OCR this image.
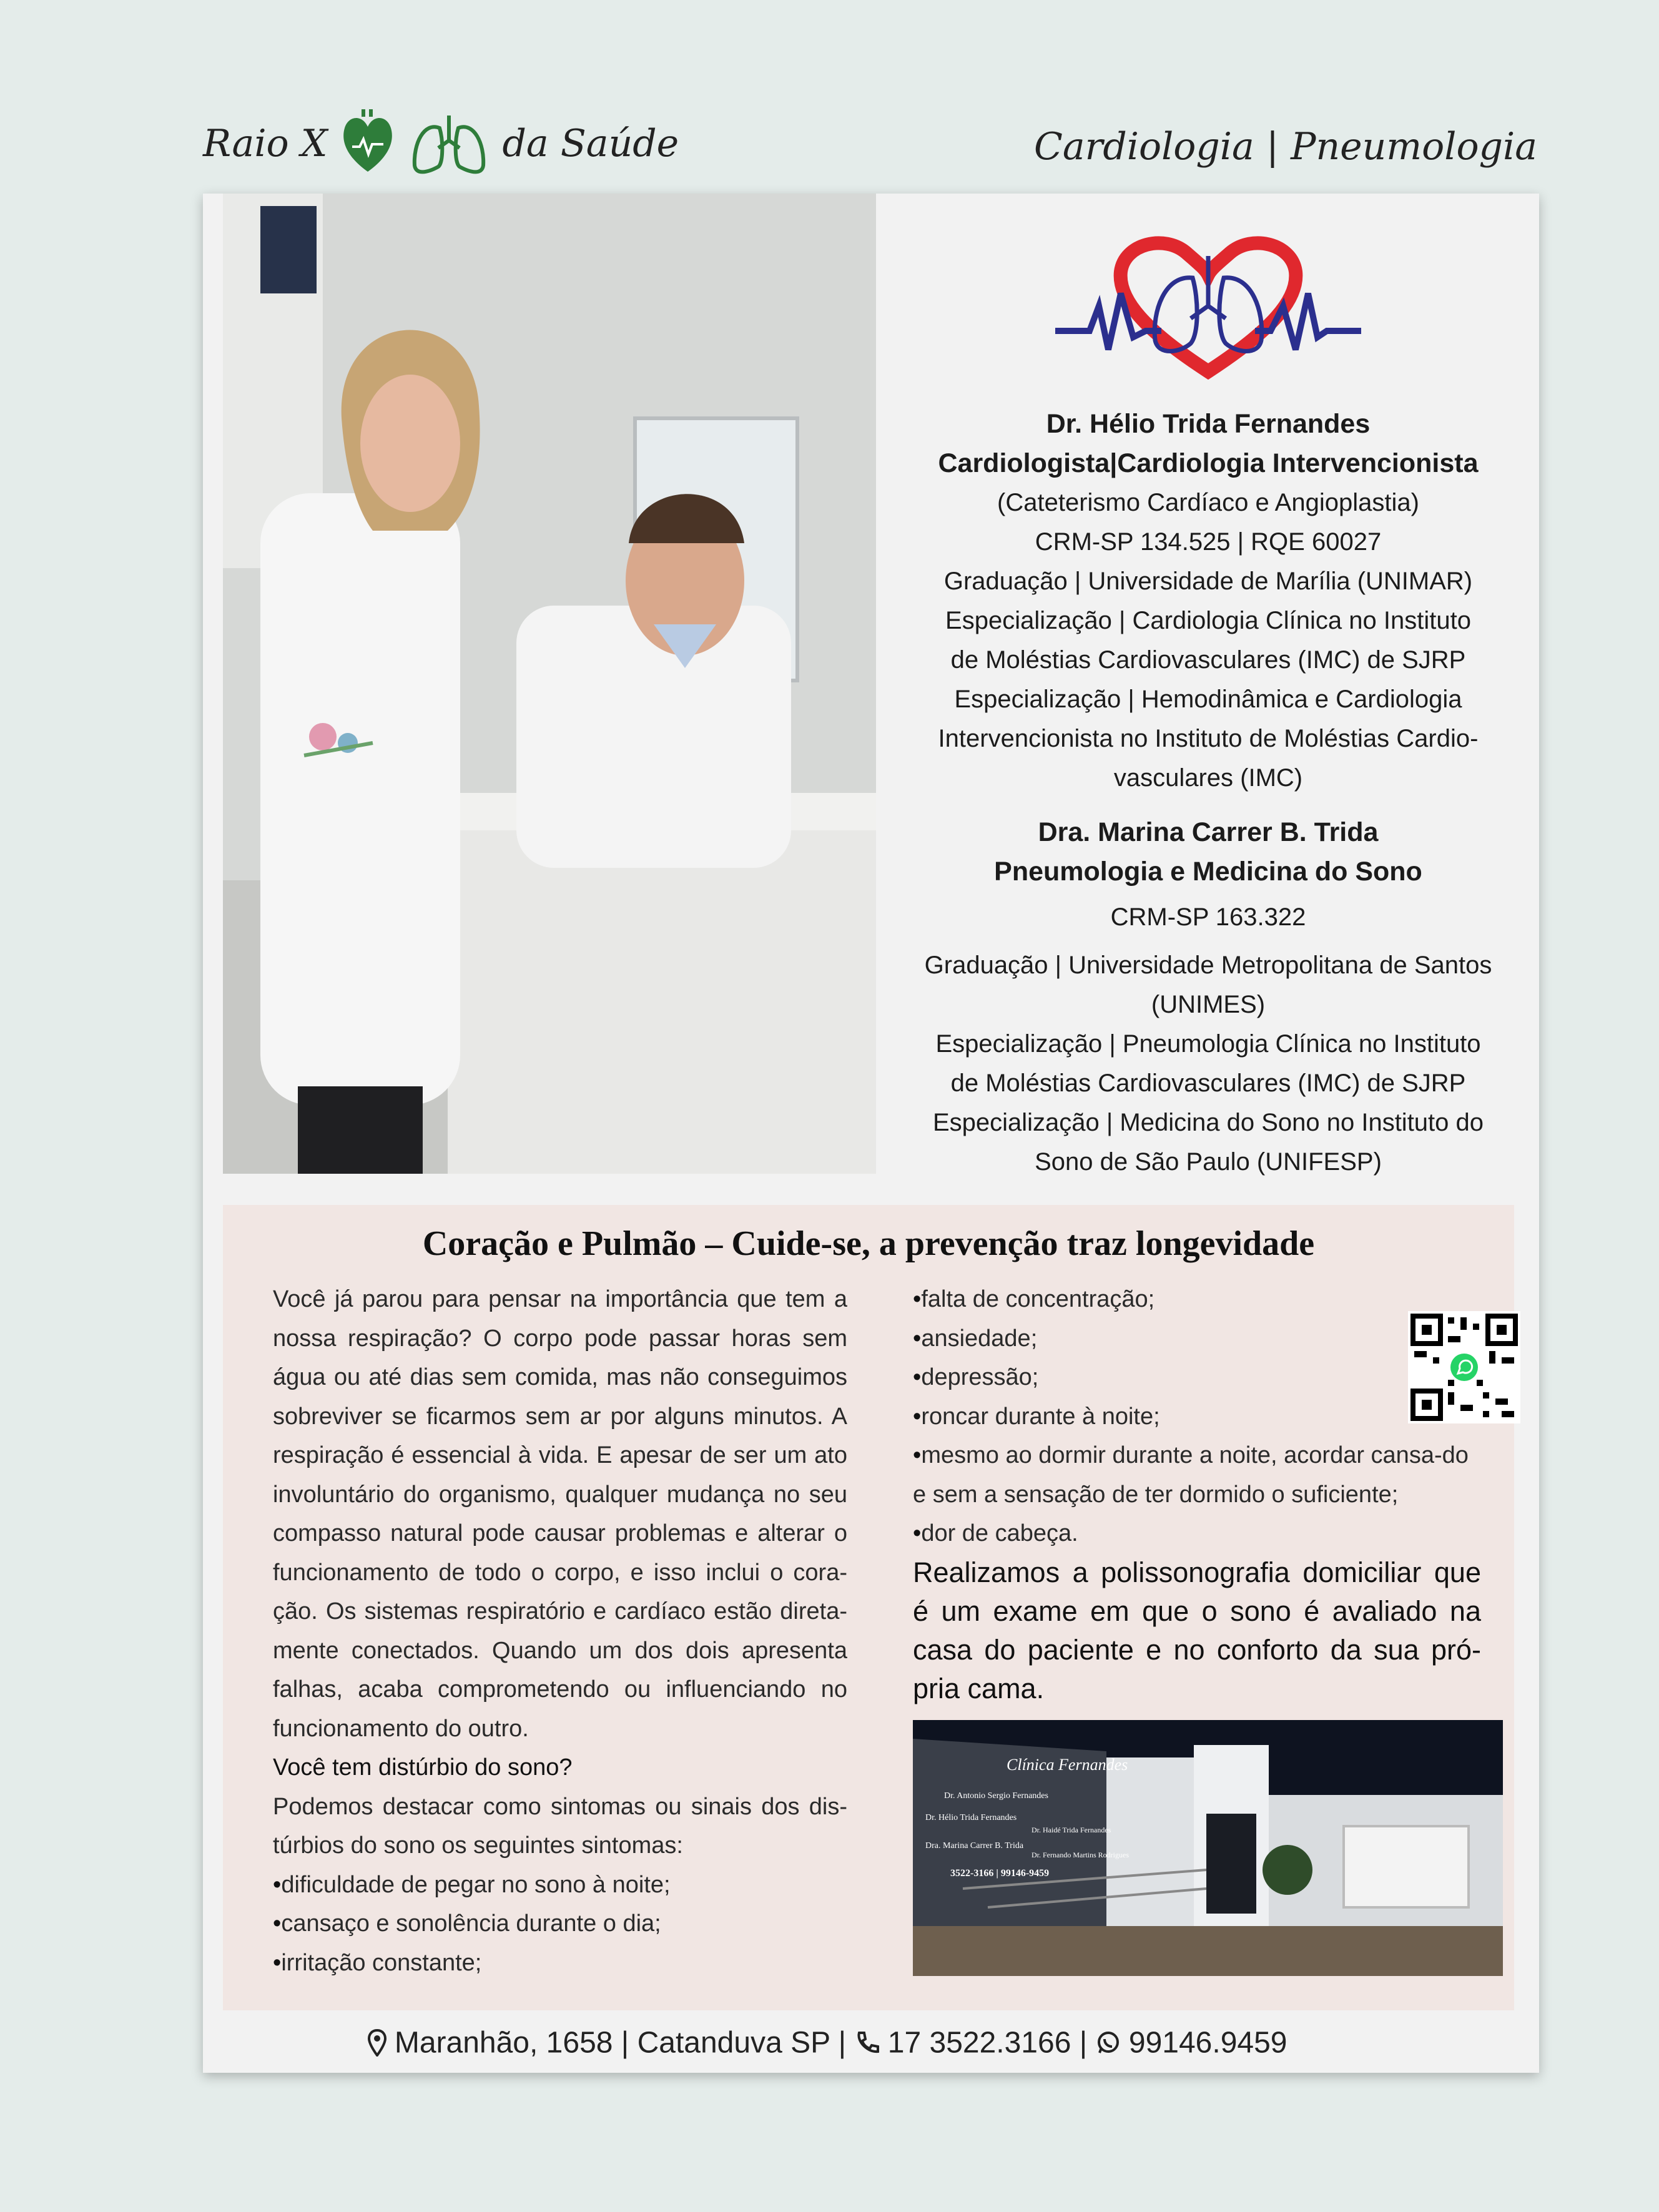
Raio X	da Saúde	Cardiologia | Pneumologia
Dr. Hélio Trida Fernandes
Cardiologista|Cardiologia Intervencionista
(Cateterismo Cardíaco e Angioplastia)
CRM-SP 134.525 | RQE 60027
Graduação | Universidade de Marília (UNIMAR)
Especialização | Cardiologia Clínica no Instituto
de Moléstias Cardiovasculares (IMC) de SJRP
Especialização | Hemodinâmica e Cardiologia
Intervencionista no Instituto de Moléstias Cardio-
vasculares (IMC)
Dra. Marina Carrer B. Trida
Pneumologia e Medicina do Sono
CRM-SP 163.322
Graduação | Universidade Metropolitana de Santos
(UNIMES)
Especialização | Pneumologia Clínica no Instituto
de Moléstias Cardiovasculares (IMC) de SJRP
Especialização | Medicina do Sono no Instituto do
Sono de São Paulo (UNIFESP)
Coração e Pulmão – Cuide-se, a prevenção traz longevidade

Você já parou para pensar na importância que tem a nossa respiração? O corpo pode passar horas sem água ou até dias sem comida, mas não conseguimos sobreviver se ficarmos sem ar por alguns minutos. A respiração é essencial à vida. E apesar de ser um ato involuntário do organismo, qualquer mudança no seu compasso natural pode causar problemas e alterar o funcionamento de todo o corpo, e isso inclui o cora-ção. Os sistemas respiratório e cardíaco estão direta-mente conectados. Quando um dos dois apresenta falhas, acaba comprometendo ou influenciando no funcionamento do outro.

Você tem distúrbio do sono?

Podemos destacar como sintomas ou sinais dos dis-túrbios do sono os seguintes sintomas:

• dificuldade de pegar no sono à noite;
• cansaço e sonolência durante o dia;
• irritação constante;
• falta de concentração;
• ansiedade;
• depressão;
• roncar durante à noite;
• mesmo ao dormir durante a noite, acordar cansa-do e sem a sensação de ter dormido o suficiente;
• dor de cabeça.

Realizamos a polissonografia domiciliar que é um exame em que o sono é avaliado na casa do paciente e no conforto da sua pró-pria cama.

Clínica Fernandes
Dr. Antonio Sergio Fernandes
Dr. Hélio Trida Fernandes
Dr. Haidé Trida Fernandes
Dra. Marina Carrer B. Trida
Dr. Fernando Martins Rodrigues
3522-3166 | 99146-9459
Maranhão, 1658 | Catanduva SP | 17 3522.3166 | 99146.9459
